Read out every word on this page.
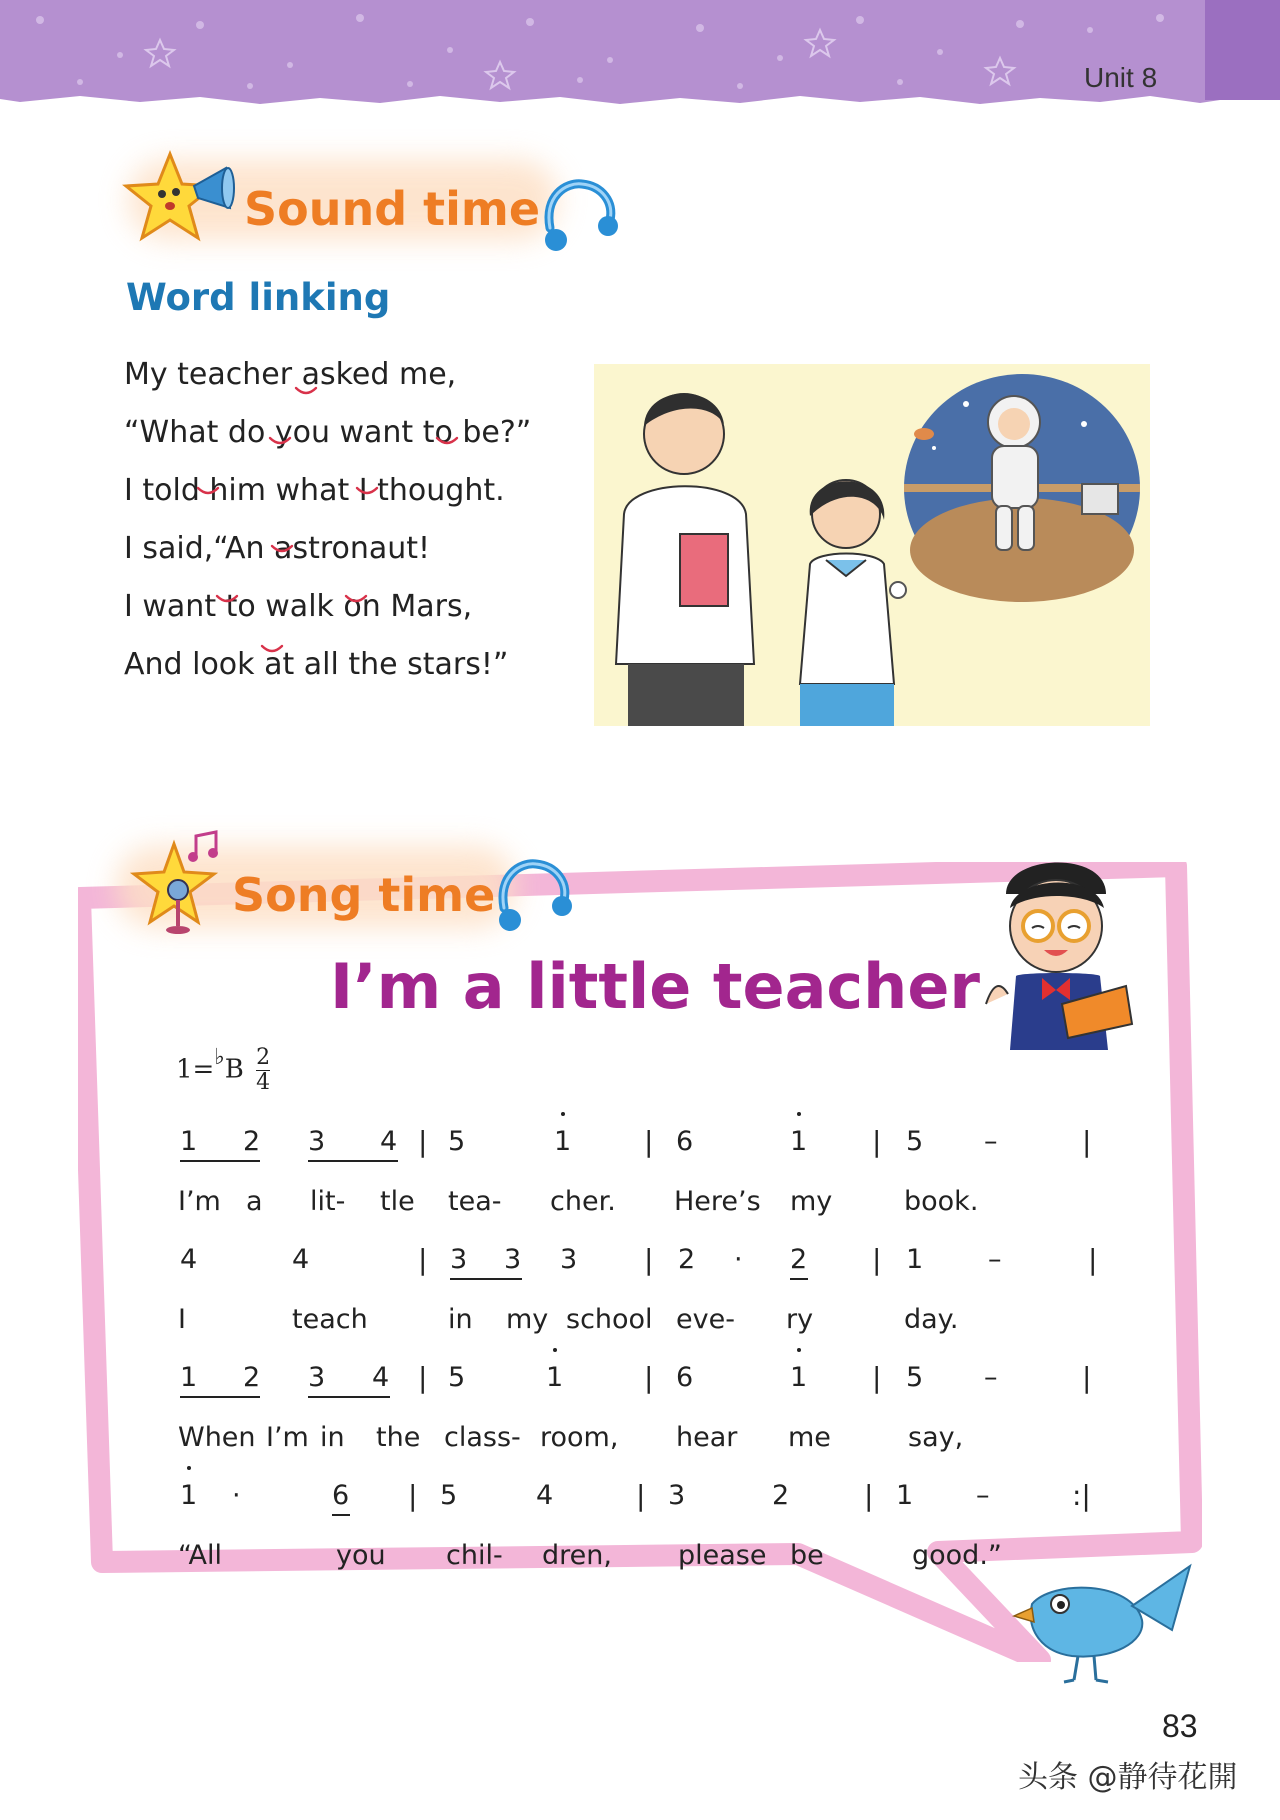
Unit 8
Sound time
Word linking
My teacher asked me,
“What do you want to be?”
I told him what I thought.
I said,“An astronaut!
I want to walk on Mars,
And look at all the stars!”
Song time
I’m a little teacher
$1=^♭B \frac{2}{4}$
1 2 3 4 | 5	1	| 6	1 | 5 –	|
I’m a lit- tle tea- cher. Here’s my	book.
4	4	| 3 3 3 | 2 · 2 | 1 –	|
I	teach	in my school eve- ry	day.
1 2 3 4 | 5	1	| 6	1 | 5 –	|
When I’m in the class- room, hear me	say,
1 ·	6 | 5	4	| 3	2	| 1 –	:|
“All	you chil- dren, please be	good.”
83
头条 @静待花開
